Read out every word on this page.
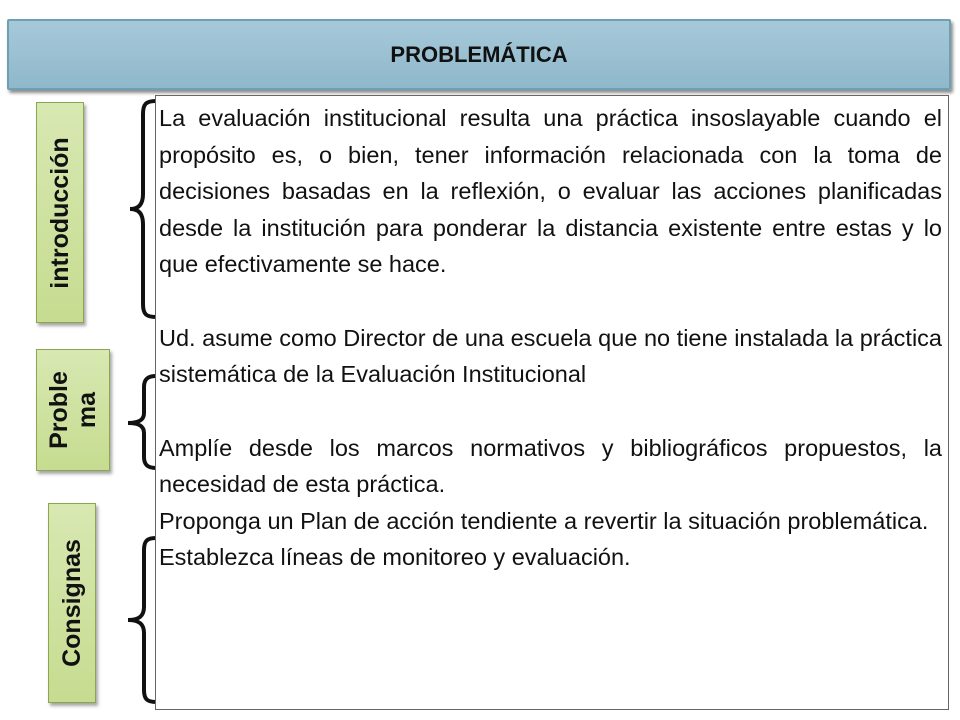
PROBLEMÁTICA
introducción
Proble
ma
Consignas

La evaluación institucional resulta una práctica insoslayable cuando el propósito es, o bien, tener información relacionada con la toma de decisiones basadas en la reflexión, o evaluar las acciones planificadas desde la institución para ponderar la distancia existente entre estas y lo que efectivamente se hace.

Ud. asume como Director de una escuela que no tiene instalada la práctica sistemática de la Evaluación Institucional

Amplíe desde los marcos normativos y bibliográficos propuestos, la necesidad de esta práctica.

Proponga un Plan de acción tendiente a revertir la situación problemática.

Establezca líneas de monitoreo y evaluación.
